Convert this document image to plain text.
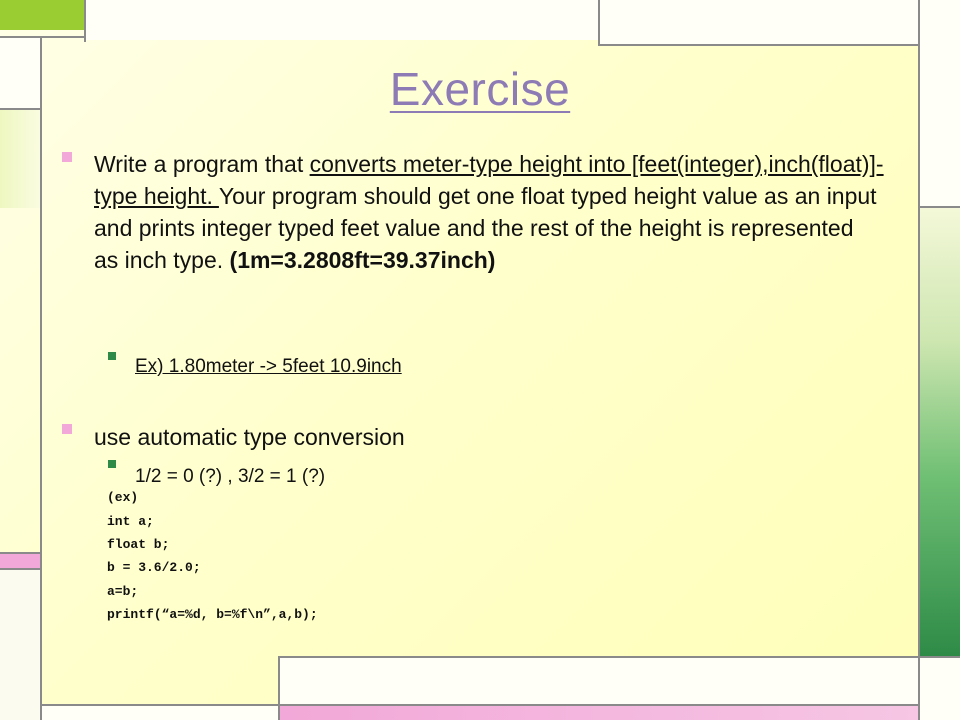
Exercise
Write a program that converts meter-type height into [feet(integer),inch(float)]-type height. Your program should get one float typed height value as an input and prints integer typed feet value and the rest of the height is represented as inch type. (1m=3.2808ft=39.37inch)
Ex) 1.80meter -> 5feet 10.9inch
use automatic type conversion
1/2 = 0 (?) , 3/2 = 1 (?)
(ex)
int a;
float b;
b = 3.6/2.0;
a=b;
printf(“a=%d, b=%f\n”,a,b);
